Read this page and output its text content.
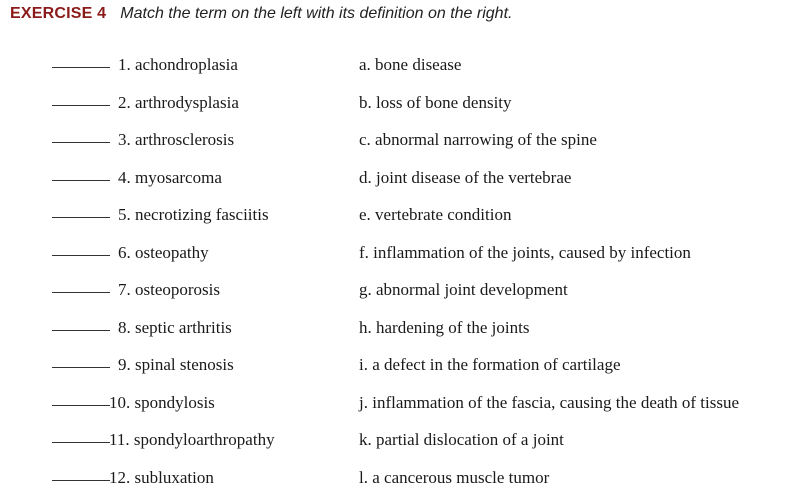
EXERCISE 4 Match the term on the left with its definition on the right.
1. achondroplasia	a. bone disease
2. arthrodysplasia	b. loss of bone density
3. arthrosclerosis	c. abnormal narrowing of the spine
4. myosarcoma	d. joint disease of the vertebrae
5. necrotizing fasciitis	e. vertebrate condition
6. osteopathy	f. inflammation of the joints, caused by infection
7. osteoporosis	g. abnormal joint development
8. septic arthritis	h. hardening of the joints
9. spinal stenosis	i. a defect in the formation of cartilage
10. spondylosis	j. inflammation of the fascia, causing the death of tissue
11. spondyloarthropathy	k. partial dislocation of a joint
12. subluxation	l. a cancerous muscle tumor
